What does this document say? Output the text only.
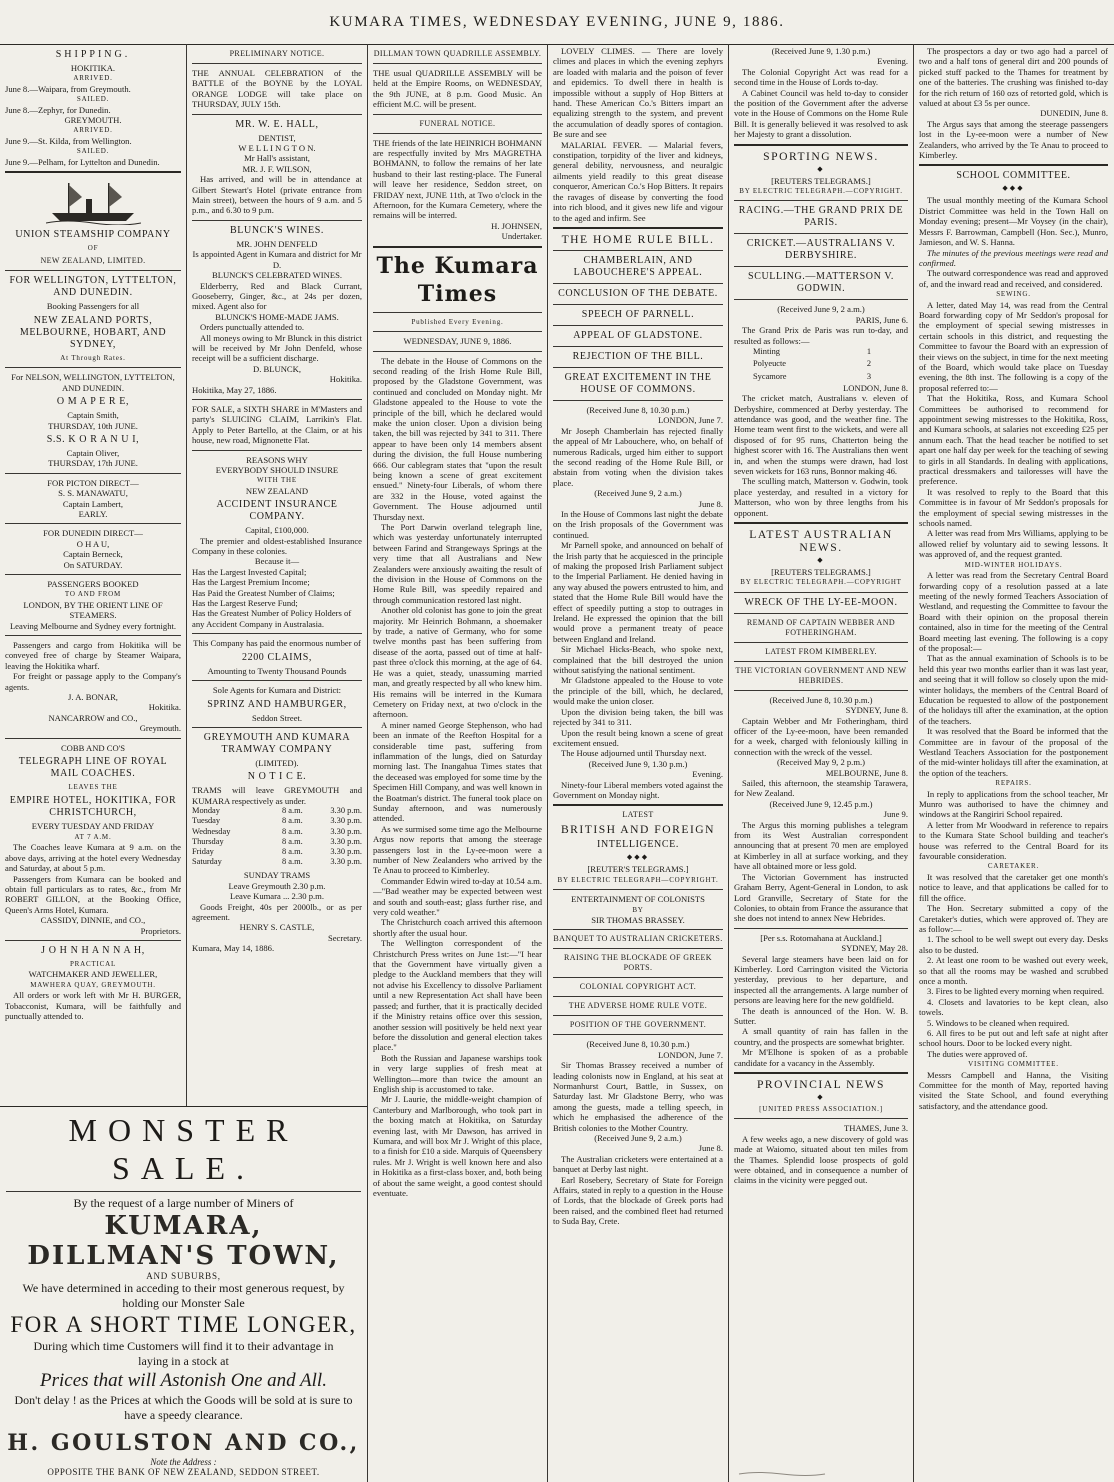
KUMARA TIMES, WEDNESDAY EVENING, JUNE 9, 1886.
SHIPPING.
HOKITIKA.
ARRIVED.
June 8.—Waipara, from Greymouth.
SAILED.
June 8.—Zephyr, for Dunedin.
GREYMOUTH.
ARRIVED.
June 9.—St. Kilda, from Wellington.
SAILED.
June 9.—Pelham, for Lyttelton and Dunedin.
UNION STEAMSHIP COMPANY
OF
NEW ZEALAND, LIMITED.
FOR WELLINGTON, LYTTELTON, AND DUNEDIN.
Booking Passengers for all
NEW ZEALAND PORTS, MELBOURNE, HOBART, AND SYDNEY,
At Through Rates.
For NELSON, WELLINGTON, LYTTELTON, AND DUNEDIN.
O M A P E R E,
Captain Smith,
THURSDAY, 10th JUNE.
S.S. K O R A N U I,
Captain Oliver,
THURSDAY, 17th JUNE.
FOR PICTON DIRECT—
S. S. MANAWATU,
Captain Lambert,
EARLY.
FOR DUNEDIN DIRECT—
O H A U,
Captain Berneck,
On SATURDAY.
PASSENGERS BOOKED
TO AND FROM
LONDON, BY THE ORIENT LINE OF STEAMERS.
Leaving Melbourne and Sydney every fortnight.

Passengers and cargo from Hokitika will be conveyed free of charge by Steamer Waipara, leaving the Hokitika wharf.

For freight or passage apply to the Company's agents.

J. A. BONAR,
Hokitika.
NANCARROW and CO.,
Greymouth.
COBB AND CO'S
TELEGRAPH LINE OF ROYAL MAIL COACHES.
LEAVES THE
EMPIRE HOTEL, HOKITIKA, FOR CHRISTCHURCH,
EVERY TUESDAY AND FRIDAY
AT 7 A.M.

The Coaches leave Kumara at 9 a.m. on the above days, arriving at the hotel every Wednesday and Saturday, at about 5 p.m.

Passengers from Kumara can be booked and obtain full particulars as to rates, &c., from Mr ROBERT GILLON, at the Booking Office, Queen's Arms Hotel, Kumara.

CASSIDY, DINNIE, and CO.,
Proprietors.
J O H N H A N N A H,
PRACTICAL
WATCHMAKER AND JEWELLER,
MAWHERA QUAY, GREYMOUTH.

All orders or work left with Mr H. BURGER, Tobacconist, Kumara, will be faithfully and punctually attended to.

PRELIMINARY NOTICE.

THE ANNUAL CELEBRATION of the BATTLE of the BOYNE by the LOYAL ORANGE LODGE will take place on THURSDAY, JULY 15th.

MR. W. E. HALL,
DENTIST,
W E L L I N G T O N.
Mr Hall's assistant,
MR. J. F. WILSON,

Has arrived, and will be in attendance at Gilbert Stewart's Hotel (private entrance from Main street), between the hours of 9 a.m. and 5 p.m., and 6.30 to 9 p.m.

BLUNCK'S WINES.
MR. JOHN DENFELD
Is appointed Agent in Kumara and district for Mr D.
BLUNCK'S CELEBRATED WINES.

Elderberry, Red and Black Currant, Gooseberry, Ginger, &c., at 24s per dozen, mixed. Agent also for

BLUNCK'S HOME-MADE JAMS.

Orders punctually attended to.

All moneys owing to Mr Blunck in this district will be received by Mr John Denfeld, whose receipt will be a sufficient discharge.

D. BLUNCK,
Hokitika.
Hokitika, May 27, 1886.

FOR SALE, a SIXTH SHARE in M'Masters and party's SLUICING CLAIM, Larrikin's Flat. Apply to Peter Bartello, at the Claim, or at his house, new road, Mignonette Flat.

REASONS WHY
EVERYBODY SHOULD INSURE
WITH THE
NEW ZEALAND
ACCIDENT INSURANCE COMPANY.
Capital, £100,000.

The premier and oldest-established Insurance Company in these colonies.

Because it—
Has the Largest Invested Capital;
Has the Largest Premium Income;
Has Paid the Greatest Number of Claims;
Has the Largest Reserve Fund;
Has the Greatest Number of Policy Holders of any Accident Company in Australasia.
This Company has paid the enormous number of
2200 CLAIMS,
Amounting to Twenty Thousand Pounds
Sole Agents for Kumara and District:
SPRINZ AND HAMBURGER,
Seddon Street.
GREYMOUTH AND KUMARA TRAMWAY COMPANY
(LIMITED).
N O T I C E.

TRAMS will leave GREYMOUTH and KUMARA respectively as under.

Monday	8 a.m.	3.30 p.m.
Tuesday	8 a.m.	3.30 p.m.
Wednesday	8 a.m.	3.30 p.m.
Thursday	8 a.m.	3.30 p.m.
Friday	8 a.m.	3.30 p.m.
Saturday	8 a.m.	3.30 p.m.
SUNDAY TRAMS
Leave Greymouth 2.30 p.m.
Leave Kumara ... 2.30 p.m.

Goods Freight, 40s per 2000lb., or as per agreement.

HENRY S. CASTLE,
Secretary.
Kumara, May 14, 1886.
DILLMAN TOWN QUADRILLE ASSEMBLY.

THE usual QUADRILLE ASSEMBLY will be held at the Empire Rooms, on WEDNESDAY, the 9th JUNE, at 8 p.m. Good Music. An efficient M.C. will be present.

FUNERAL NOTICE.

THE friends of the late HEINRICH BOHMANN are respectfully invited by Mrs MAGRETHA BOHMANN, to follow the remains of her late husband to their last resting-place. The Funeral will leave her residence, Seddon street, on FRIDAY next, JUNE 11th, at Two o'clock in the Afternoon, for the Kumara Cemetery, where the remains will be interred.

H. JOHNSEN,
Undertaker.
The Kumara Times
Published Every Evening.
WEDNESDAY, JUNE 9, 1886.

The debate in the House of Commons on the second reading of the Irish Home Rule Bill, proposed by the Gladstone Government, was continued and concluded on Monday night. Mr Gladstone appealed to the House to vote the principle of the bill, which he declared would make the union closer. Upon a division being taken, the bill was rejected by 341 to 311. There appear to have been only 14 members absent during the division, the full House numbering 666. Our cablegram states that "upon the result being known a scene of great excitement ensued." Ninety-four Liberals, of whom there are 332 in the House, voted against the Government. The House adjourned until Thursday next.

The Port Darwin overland telegraph line, which was yesterday unfortunately interrupted between Farind and Strangeways Springs at the very time that all Australians and New Zealanders were anxiously awaiting the result of the division in the House of Commons on the Home Rule Bill, was speedily repaired and through communication restored last night.

Another old colonist has gone to join the great majority. Mr Heinrich Bohmann, a shoemaker by trade, a native of Germany, who for some twelve months past has been suffering from disease of the aorta, passed out of time at half-past three o'clock this morning, at the age of 64. He was a quiet, steady, unassuming married man, and greatly respected by all who knew him. His remains will be interred in the Kumara Cemetery on Friday next, at two o'clock in the afternoon.

A miner named George Stephenson, who had been an inmate of the Reefton Hospital for a considerable time past, suffering from inflammation of the lungs, died on Saturday morning last. The Inangahua Times states that the deceased was employed for some time by the Specimen Hill Company, and was well known in the Boatman's district. The funeral took place on Sunday afternoon, and was numerously attended.

As we surmised some time ago the Melbourne Argus now reports that among the steerage passengers lost in the Ly-ee-moon were a number of New Zealanders who arrived by the Te Anau to proceed to Kimberley.

Commander Edwin wired to-day at 10.54 a.m.—"Bad weather may be expected between west and south and south-east; glass further rise, and very cold weather."

The Christchurch coach arrived this afternoon shortly after the usual hour.

The Wellington correspondent of the Christchurch Press writes on June 1st:—"I hear that the Government have virtually given a pledge to the Auckland members that they will not advise his Excellency to dissolve Parliament until a new Representation Act shall have been passed; and further, that it is practically decided if the Ministry retains office over this session, another session will positively be held next year before the dissolution and general election takes place."

Both the Russian and Japanese warships took in very large supplies of fresh meat at Wellington—more than twice the amount an English ship is accustomed to take.

Mr J. Laurie, the middle-weight champion of Canterbury and Marlborough, who took part in the boxing match at Hokitika, on Saturday evening last, with Mr Dawson, has arrived in Kumara, and will box Mr J. Wright of this place, to a finish for £10 a side. Marquis of Queensbery rules. Mr J. Wright is well known here and also in Hokitika as a first-class boxer, and, both being of about the same weight, a good contest should eventuate.

LOVELY CLIMES. — There are lovely climes and places in which the evening zephyrs are loaded with malaria and the poison of fever and epidemics. To dwell there in health is impossible without a supply of Hop Bitters at hand. These American Co.'s Bitters impart an equalizing strength to the system, and prevent the accumulation of deadly spores of contagion. Be sure and see

MALARIAL FEVER. — Malarial fevers, constipation, torpidity of the liver and kidneys, general debility, nervousness, and neuralgic ailments yield readily to this great disease conqueror, American Co.'s Hop Bitters. It repairs the ravages of disease by converting the food into rich blood, and it gives new life and vigour to the aged and infirm. See

THE HOME RULE BILL.
CHAMBERLAIN, AND LABOUCHERE'S APPEAL.
CONCLUSION OF THE DEBATE.
SPEECH OF PARNELL.
APPEAL OF GLADSTONE.
REJECTION OF THE BILL.
GREAT EXCITEMENT IN THE HOUSE OF COMMONS.
(Received June 8, 10.30 p.m.)
LONDON, June 7.

Mr Joseph Chamberlain has rejected finally the appeal of Mr Labouchere, who, on behalf of numerous Radicals, urged him either to support the second reading of the Home Rule Bill, or abstain from voting when the division takes place.

(Received June 9, 2 a.m.)
June 8.

In the House of Commons last night the debate on the Irish proposals of the Government was continued.

Mr Parnell spoke, and announced on behalf of the Irish party that he acquiesced in the principle of making the proposed Irish Parliament subject to the Imperial Parliament. He denied having in any way abused the powers entrusted to him, and stated that the Home Rule Bill would have the effect of speedily putting a stop to outrages in Ireland. He expressed the opinion that the bill would prove a permanent treaty of peace between England and Ireland.

Sir Michael Hicks-Beach, who spoke next, complained that the bill destroyed the union without satisfying the national sentiment.

Mr Gladstone appealed to the House to vote the principle of the bill, which, he declared, would make the union closer.

Upon the division being taken, the bill was rejected by 341 to 311.

Upon the result being known a scene of great excitement ensued.

The House adjourned until Thursday next.

(Received June 9, 1.30 p.m.)
Evening.

Ninety-four Liberal members voted against the Government on Monday night.

LATEST
BRITISH AND FOREIGN
INTELLIGENCE.
◆◆◆
[REUTER'S TELEGRAMS.]
BY ELECTRIC TELEGRAPH—COPYRIGHT.
ENTERTAINMENT OF COLONISTS
BY
SIR THOMAS BRASSEY.
BANQUET TO AUSTRALIAN CRICKETERS.
RAISING THE BLOCKADE OF GREEK PORTS.
COLONIAL COPYRIGHT ACT.
THE ADVERSE HOME RULE VOTE.
POSITION OF THE GOVERNMENT.
(Received June 8, 10.30 p.m.)
LONDON, June 7.

Sir Thomas Brassey received a number of leading colonists now in England, at his seat at Normanhurst Court, Battle, in Sussex, on Saturday last. Mr Gladstone Berry, who was among the guests, made a telling speech, in which he emphasised the adherence of the British colonies to the Mother Country.

(Received June 9, 2 a.m.)
June 8.

The Australian cricketers were entertained at a banquet at Derby last night.

Earl Rosebery, Secretary of State for Foreign Affairs, stated in reply to a question in the House of Lords, that the blockade of Greek ports had been raised, and the combined fleet had returned to Suda Bay, Crete.

(Received June 9, 1.30 p.m.)
Evening.

The Colonial Copyright Act was read for a second time in the House of Lords to-day.

A Cabinet Council was held to-day to consider the position of the Government after the adverse vote in the House of Commons on the Home Rule Bill. It is generally believed it was resolved to ask her Majesty to grant a dissolution.

SPORTING NEWS.
◆
[REUTERS TELEGRAMS.]
BY ELECTRIC TELEGRAPH.—COPYRIGHT.
RACING.—THE GRAND PRIX DE PARIS.
CRICKET.—AUSTRALIANS V. DERBYSHIRE.
SCULLING.—MATTERSON V. GODWIN.
(Received June 9, 2 a.m.)
PARIS, June 6.

The Grand Prix de Paris was run to-day, and resulted as follows:—

Minting	1
Polyeucte	2
Sycamore	3
LONDON, June 8.

The cricket match, Australians v. eleven of Derbyshire, commenced at Derby yesterday. The attendance was good, and the weather fine. The Home team went first to the wickets, and were all disposed of for 95 runs, Chatterton being the highest scorer with 16. The Australians then went in, and when the stumps were drawn, had lost seven wickets for 163 runs, Bonnor making 46.

The sculling match, Matterson v. Godwin, took place yesterday, and resulted in a victory for Matterson, who won by three lengths from his opponent.

LATEST AUSTRALIAN NEWS.
◆
[REUTERS TELEGRAMS.]
BY ELECTRIC TELEGRAPH.—COPYRIGHT
WRECK OF THE LY-EE-MOON.
REMAND OF CAPTAIN WEBBER AND FOTHERINGHAM.
LATEST FROM KIMBERLEY.
THE VICTORIAN GOVERNMENT AND NEW HEBRIDES.
(Received June 8, 10.30 p.m.)
SYDNEY, June 8.

Captain Webber and Mr Fotheringham, third officer of the Ly-ee-moon, have been remanded for a week, charged with feloniously killing in connection with the wreck of the vessel.

(Received May 9, 2 p.m.)
MELBOURNE, June 8.

Sailed, this afternoon, the steamship Tarawera, for New Zealand.

(Received June 9, 12.45 p.m.)
June 9.

The Argus this morning publishes a telegram from its West Australian correspondent announcing that at present 70 men are employed at Kimberley in all at surface working, and they have all obtained more or less gold.

The Victorian Government has instructed Graham Berry, Agent-General in London, to ask Lord Granville, Secretary of State for the Colonies, to obtain from France the assurance that she does not intend to annex New Hebrides.

[Per s.s. Rotomahana at Auckland.]
SYDNEY, May 28.

Several large steamers have been laid on for Kimberley. Lord Carrington visited the Victoria yesterday, previous to her departure, and inspected all the arrangements. A large number of persons are leaving here for the new goldfield.

The death is announced of the Hon. W. B. Sutter.

A small quantity of rain has fallen in the country, and the prospects are somewhat brighter.

Mr M'Elhone is spoken of as a probable candidate for a vacancy in the Assembly.

PROVINCIAL NEWS
◆
[UNITED PRESS ASSOCIATION.]
THAMES, June 3.

A few weeks ago, a new discovery of gold was made at Waiomo, situated about ten miles from the Thames. Splendid loose prospects of gold were obtained, and in consequence a number of claims in the vicinity were pegged out.

The prospectors a day or two ago had a parcel of two and a half tons of general dirt and 200 pounds of picked stuff packed to the Thames for treatment by one of the batteries. The crushing was finished to-day for the rich return of 160 ozs of retorted gold, which is valued at about £3 5s per ounce.

DUNEDIN, June 8.

The Argus says that among the steerage passengers lost in the Ly-ee-moon were a number of New Zealanders, who arrived by the Te Anau to proceed to Kimberley.

SCHOOL COMMITTEE.
◆◆◆

The usual monthly meeting of the Kumara School District Committee was held in the Town Hall on Monday evening; present—Mr Voysey (in the chair), Messrs F. Barrowman, Campbell (Hon. Sec.), Munro, Jamieson, and W. S. Hanna.

The minutes of the previous meetings were read and confirmed.

The outward correspondence was read and approved of, and the inward read and received, and considered.

SEWING.

A letter, dated May 14, was read from the Central Board forwarding copy of Mr Seddon's proposal for the employment of special sewing mistresses in certain schools in this district, and requesting the Committee to favour the Board with an expression of their views on the subject, in time for the next meeting of the Board, which would take place on Tuesday evening, the 8th inst. The following is a copy of the proposal referred to:—

That the Hokitika, Ross, and Kumara School Committees be authorised to recommend for appointment sewing mistresses to the Hokitika, Ross, and Kumara schools, at salaries not exceeding £25 per annum each. That the head teacher be notified to set apart one half day per week for the teaching of sewing to girls in all Standards. In dealing with applications, practical dressmakers and tailoresses will have the preference.

It was resolved to reply to the Board that this Committee is in favour of Mr Seddon's proposals for the employment of special sewing mistresses in the schools named.

A letter was read from Mrs Williams, applying to be allowed relief by voluntary aid to sewing lessons. It was approved of, and the request granted.

MID-WINTER HOLIDAYS.

A letter was read from the Secretary Central Board forwarding copy of a resolution passed at a late meeting of the newly formed Teachers Association of Westland, and requesting the Committee to favour the Board with their opinion on the proposal therein contained, also in time for the meeting of the Central Board meeting last evening. The following is a copy of the proposal:—

That as the annual examination of Schools is to be held this year two months earlier than it was last year, and seeing that it will follow so closely upon the mid-winter holidays, the members of the Central Board of Education be requested to allow of the postponement of the holidays till after the examination, at the option of the teachers.

It was resolved that the Board be informed that the Committee are in favour of the proposal of the Westland Teachers Association for the postponement of the mid-winter holidays till after the examination, at the option of the teachers.

REPAIRS.

In reply to applications from the school teacher, Mr Munro was authorised to have the chimney and windows at the Rangiriri School repaired.

A letter from Mr Woodward in reference to repairs to the Kumara State School building and teacher's house was referred to the Central Board for its favourable consideration.

CARETAKER.

It was resolved that the caretaker get one month's notice to leave, and that applications be called for to fill the office.

The Hon. Secretary submitted a copy of the Caretaker's duties, which were approved of. They are as follow:—

1. The school to be well swept out every day. Desks also to be dusted.

2. At least one room to be washed out every week, so that all the rooms may be washed and scrubbed once a month.

3. Fires to be lighted every morning when required.

4. Closets and lavatories to be kept clean, also towels.

5. Windows to be cleaned when required.

6. All fires to be put out and left safe at night after school hours. Door to be locked every night.

The duties were approved of.

VISITING COMMITTEE.

Messrs Campbell and Hanna, the Visiting Committee for the month of May, reported having visited the State School, and found everything satisfactory, and the attendance good.

MONSTER SALE.
By the request of a large number of Miners of
KUMARA, DILLMAN'S TOWN,
AND SUBURBS,
We have determined in acceding to their most generous request, by holding our Monster Sale
FOR A SHORT TIME LONGER,
During which time Customers will find it to their advantage in laying in a stock at
Prices that will Astonish One and All.
Don't delay ! as the Prices at which the Goods will be sold at is sure to have a speedy clearance.
H. GOULSTON AND CO.,
Note the Address :
OPPOSITE THE BANK OF NEW ZEALAND, SEDDON STREET.
